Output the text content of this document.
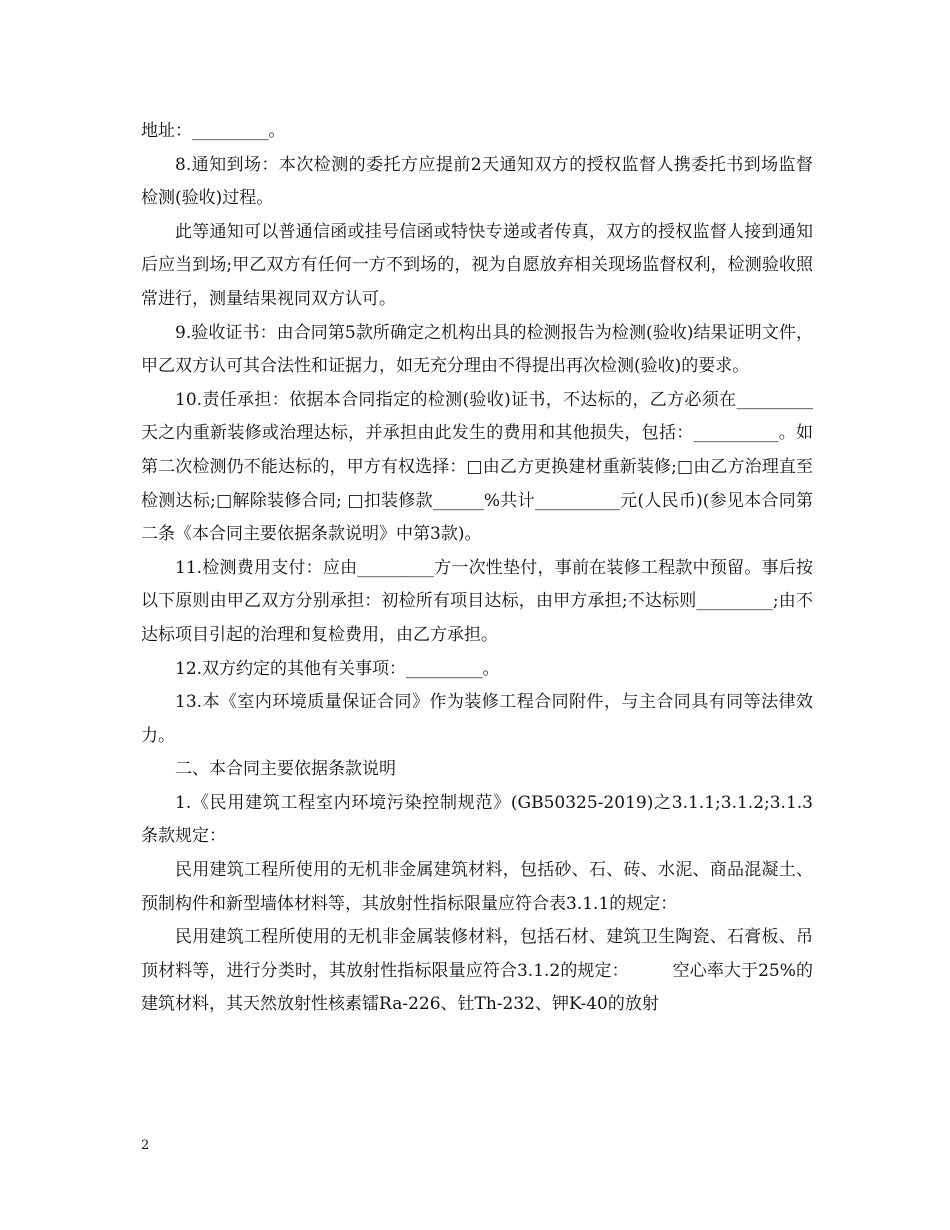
地址：_________。

8.通知到场：本次检测的委托方应提前2天通知双方的授权监督人携委托书到场监督检测(验收)过程。

此等通知可以普通信函或挂号信函或特快专递或者传真，双方的授权监督人接到通知后应当到场;甲乙双方有任何一方不到场的，视为自愿放弃相关现场监督权利，检测验收照常进行，测量结果视同双方认可。

9.验收证书：由合同第5款所确定之机构出具的检测报告为检测(验收)结果证明文件，甲乙双方认可其合法性和证据力，如无充分理由不得提出再次检测(验收)的要求。

10.责任承担：依据本合同指定的检测(验收)证书，不达标的，乙方必须在_________天之内重新装修或治理达标，并承担由此发生的费用和其他损失，包括：__________。如第二次检测仍不能达标的，甲方有权选择：□由乙方更换建材重新装修;□由乙方治理直至检测达标;□解除装修合同; □扣装修款______%共计__________元(人民币)(参见本合同第二条《本合同主要依据条款说明》中第3款)。

11.检测费用支付：应由_________方一次性垫付，事前在装修工程款中预留。事后按以下原则由甲乙双方分别承担：初检所有项目达标，由甲方承担;不达标则_________;由不达标项目引起的治理和复检费用，由乙方承担。

12.双方约定的其他有关事项：_________。

13.本《室内环境质量保证合同》作为装修工程合同附件，与主合同具有同等法律效力。

二、本合同主要依据条款说明

1.《民用建筑工程室内环境污染控制规范》(GB50325-2019)之3.1.1;3.1.2;3.1.3条款规定：

民用建筑工程所使用的无机非金属建筑材料，包括砂、石、砖、水泥、商品混凝土、预制构件和新型墙体材料等，其放射性指标限量应符合表3.1.1的规定：

民用建筑工程所使用的无机非金属装修材料，包括石材、建筑卫生陶瓷、石膏板、吊顶材料等，进行分类时，其放射性指标限量应符合3.1.2的规定：        空心率大于25%的建筑材料，其天然放射性核素镭Ra-226、钍Th-232、钾K-40的放射

2
